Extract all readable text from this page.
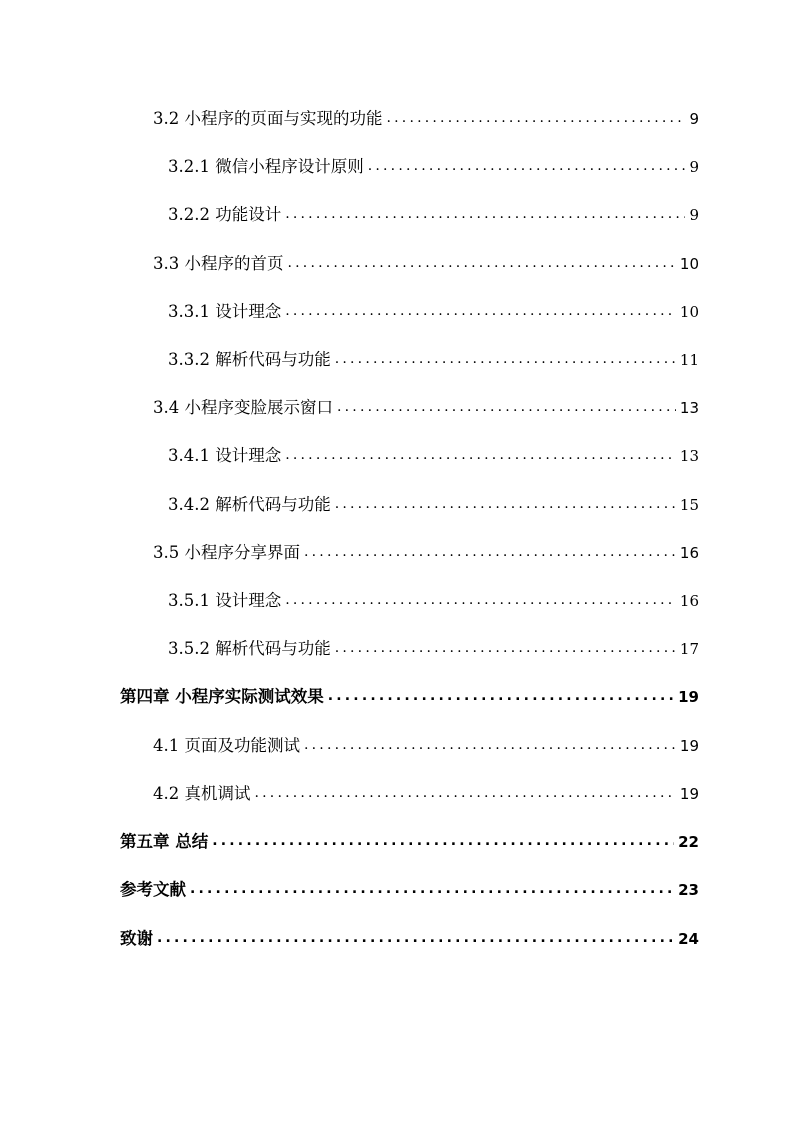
3.2 小程序的页面与实现的功能 .....	9
3.2.1 微信小程序设计原则 .....	9
3.2.2 功能设计 .....	9
3.3 小程序的首页 .....	10
3.3.1 设计理念 .....	10
3.3.2 解析代码与功能 .....	11
3.4 小程序变脸展示窗口 .....	13
3.4.1 设计理念 .....	13
3.4.2 解析代码与功能 .....	15
3.5 小程序分享界面 .....	16
3.5.1 设计理念 .....	16
3.5.2 解析代码与功能 .....	17
第四章 小程序实际测试效果 .....	19
4.1 页面及功能测试 .....	19
4.2 真机调试 .....	19
第五章 总结 .....	22
参考文献 .....	23
致谢 .....	24
